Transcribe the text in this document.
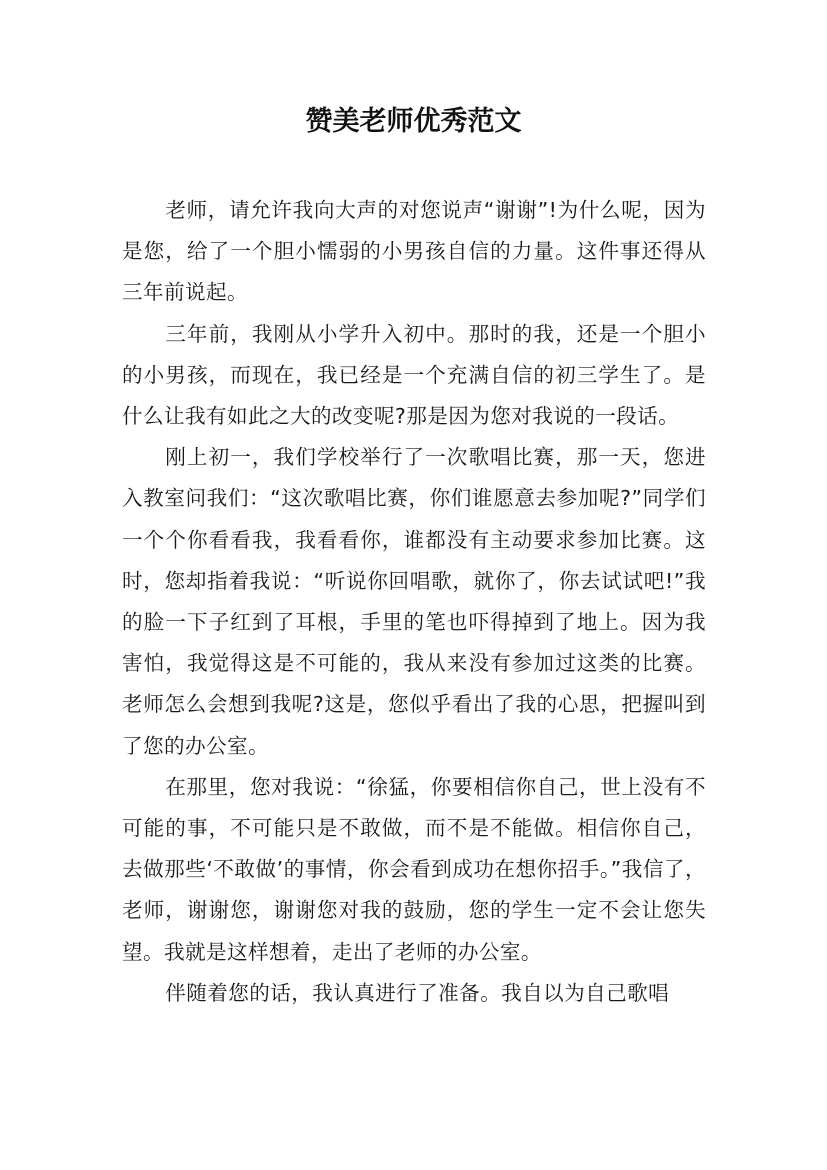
赞美老师优秀范文

老师，请允许我向大声的对您说声“谢谢”!为什么呢，因为是您，给了一个胆小懦弱的小男孩自信的力量。这件事还得从三年前说起。

三年前，我刚从小学升入初中。那时的我，还是一个胆小的小男孩，而现在，我已经是一个充满自信的初三学生了。是什么让我有如此之大的改变呢?那是因为您对我说的一段话。

刚上初一，我们学校举行了一次歌唱比赛，那一天，您进入教室问我们：“这次歌唱比赛，你们谁愿意去参加呢?”同学们一个个你看看我，我看看你，谁都没有主动要求参加比赛。这时，您却指着我说：“听说你回唱歌，就你了，你去试试吧!”我的脸一下子红到了耳根，手里的笔也吓得掉到了地上。因为我害怕，我觉得这是不可能的，我从来没有参加过这类的比赛。老师怎么会想到我呢?这是，您似乎看出了我的心思，把握叫到了您的办公室。

在那里，您对我说：“徐猛，你要相信你自己，世上没有不可能的事，不可能只是不敢做，而不是不能做。相信你自己，去做那些‘不敢做’的事情，你会看到成功在想你招手。”我信了，老师，谢谢您，谢谢您对我的鼓励，您的学生一定不会让您失望。我就是这样想着，走出了老师的办公室。

伴随着您的话，我认真进行了准备。我自以为自己歌唱
